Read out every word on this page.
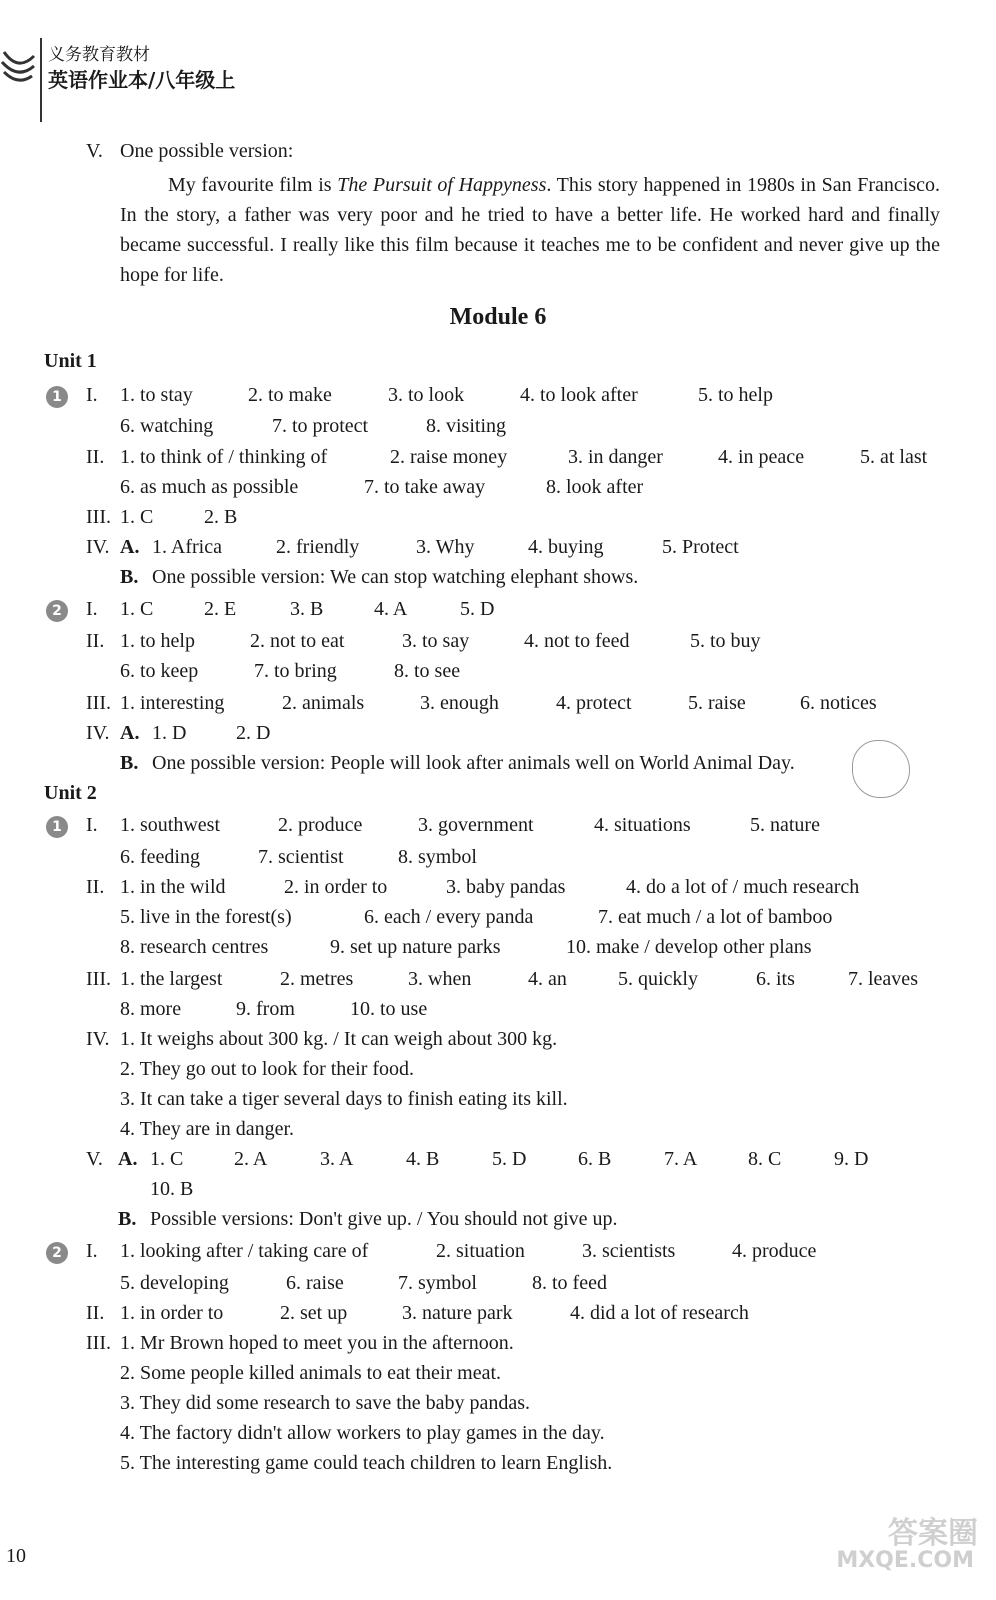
义务教育教材
英语作业本/八年级上
V. One possible version:
My favourite film is The Pursuit of Happyness. This story happened in 1980s in San Francisco. In the story, a father was very poor and he tried to have a better life. He worked hard and finally became successful. I really like this film because it teaches me to be confident and never give up the hope for life.
Module 6
Unit 1
1
2
I. 1. to stay	2. to make	3. to look	4. to look after	5. to help
6. watching	7. to protect	8. visiting
II. 1. to think of / thinking of	2. raise money	3. in danger	4. in peace	5. at last
6. as much as possible	7. to take away	8. look after
III. 1. C	2. B
IV. A. 1. Africa	2. friendly	3. Why	4. buying	5. Protect
B. One possible version: We can stop watching elephant shows.
I. 1. C	2. E	3. B	4. A	5. D
II. 1. to help	2. not to eat	3. to say	4. not to feed	5. to buy
6. to keep	7. to bring	8. to see
III. 1. interesting	2. animals	3. enough	4. protect	5. raise	6. notices
IV. A. 1. D 2. D
B. One possible version: People will look after animals well on World Animal Day.
Unit 2
1
2
I. 1. southwest	2. produce	3. government	4. situations	5. nature
6. feeding	7. scientist	8. symbol
II. 1. in the wild	2. in order to	3. baby pandas	4. do a lot of / much research
5. live in the forest(s)	6. each / every panda	7. eat much / a lot of bamboo
8. research centres	9. set up nature parks	10. make / develop other plans
III. 1. the largest	2. metres	3. when	4. an	5. quickly	6. its	7. leaves
8. more	9. from	10. to use
IV. 1. It weighs about 300 kg. / It can weigh about 300 kg.
2. They go out to look for their food.
3. It can take a tiger several days to finish eating its kill.
4. They are in danger.
V. A. 1. C	2. A	3. A	4. B	5. D	6. B	7. A	8. C	9. D
10. B
B. Possible versions: Don't give up. / You should not give up.
I. 1. looking after / taking care of	2. situation	3. scientists	4. produce
5. developing	6. raise	7. symbol	8. to feed
II. 1. in order to	2. set up	3. nature park	4. did a lot of research
III. 1. Mr Brown hoped to meet you in the afternoon.
2. Some people killed animals to eat their meat.
3. They did some research to save the baby pandas.
4. The factory didn't allow workers to play games in the day.
5. The interesting game could teach children to learn English.
10
答案圈
MXQE.COM
